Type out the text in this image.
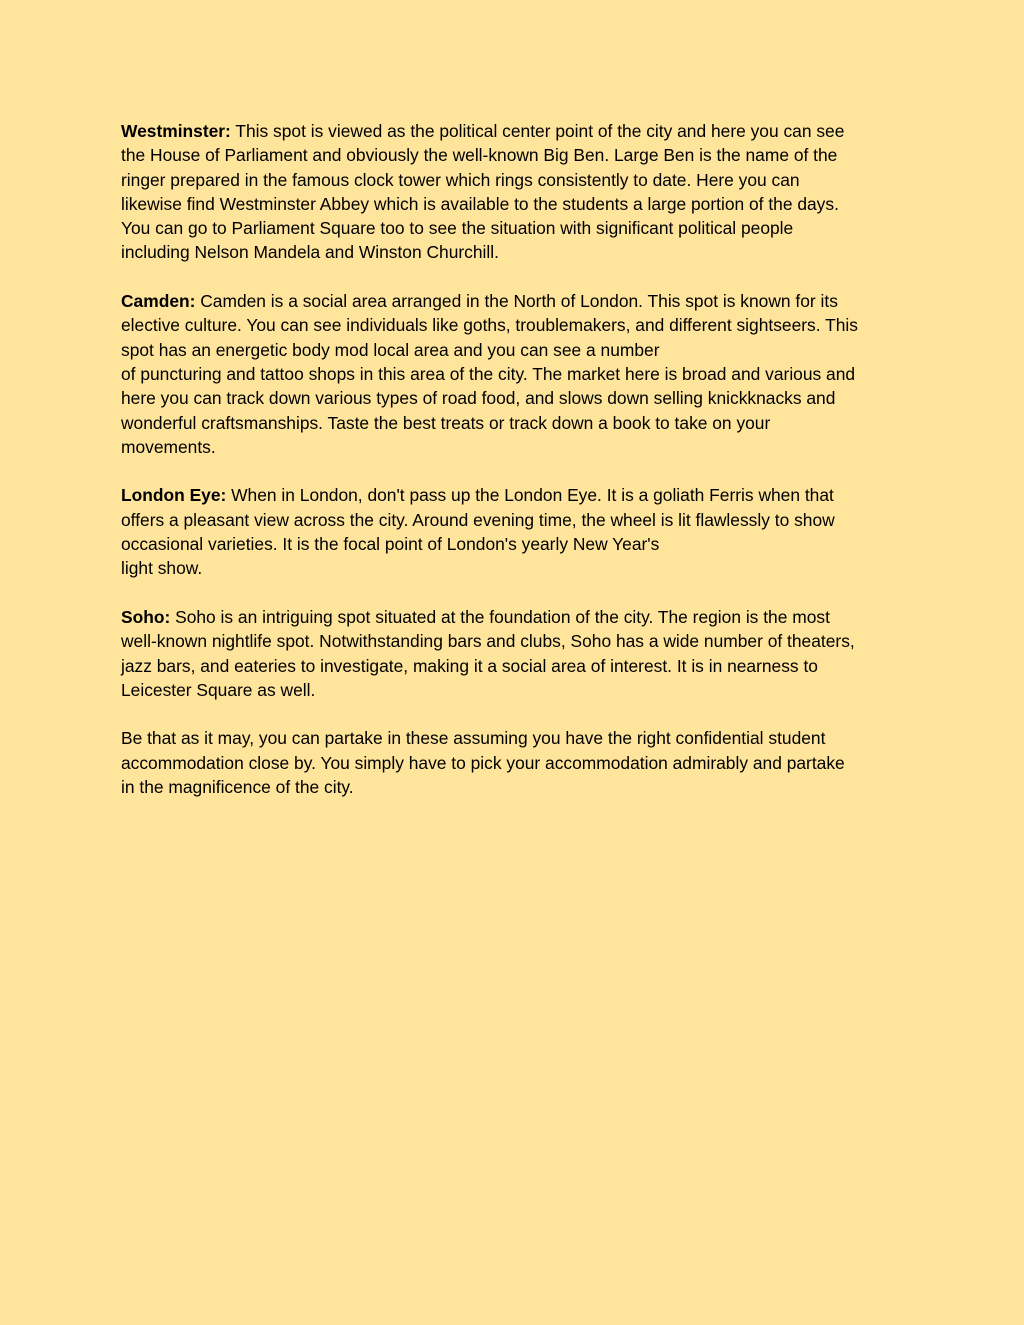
Westminster: This spot is viewed as the political center point of the city and here you can see
the House of Parliament and obviously the well-known Big Ben. Large Ben is the name of the
ringer prepared in the famous clock tower which rings consistently to date. Here you can
likewise find Westminster Abbey which is available to the students a large portion of the days.
You can go to Parliament Square too to see the situation with significant political people
including Nelson Mandela and Winston Churchill.

Camden: Camden is a social area arranged in the North of London. This spot is known for its
elective culture. You can see individuals like goths, troublemakers, and different sightseers. This
spot has an energetic body mod local area and you can see a number
of puncturing and tattoo shops in this area of the city. The market here is broad and various and
here you can track down various types of road food, and slows down selling knickknacks and
wonderful craftsmanships. Taste the best treats or track down a book to take on your
movements.

London Eye: When in London, don't pass up the London Eye. It is a goliath Ferris when that
offers a pleasant view across the city. Around evening time, the wheel is lit flawlessly to show
occasional varieties. It is the focal point of London's yearly New Year's
light show.

Soho: Soho is an intriguing spot situated at the foundation of the city. The region is the most
well-known nightlife spot. Notwithstanding bars and clubs, Soho has a wide number of theaters,
jazz bars, and eateries to investigate, making it a social area of interest. It is in nearness to
Leicester Square as well.

Be that as it may, you can partake in these assuming you have the right confidential student
accommodation close by. You simply have to pick your accommodation admirably and partake
in the magnificence of the city.
